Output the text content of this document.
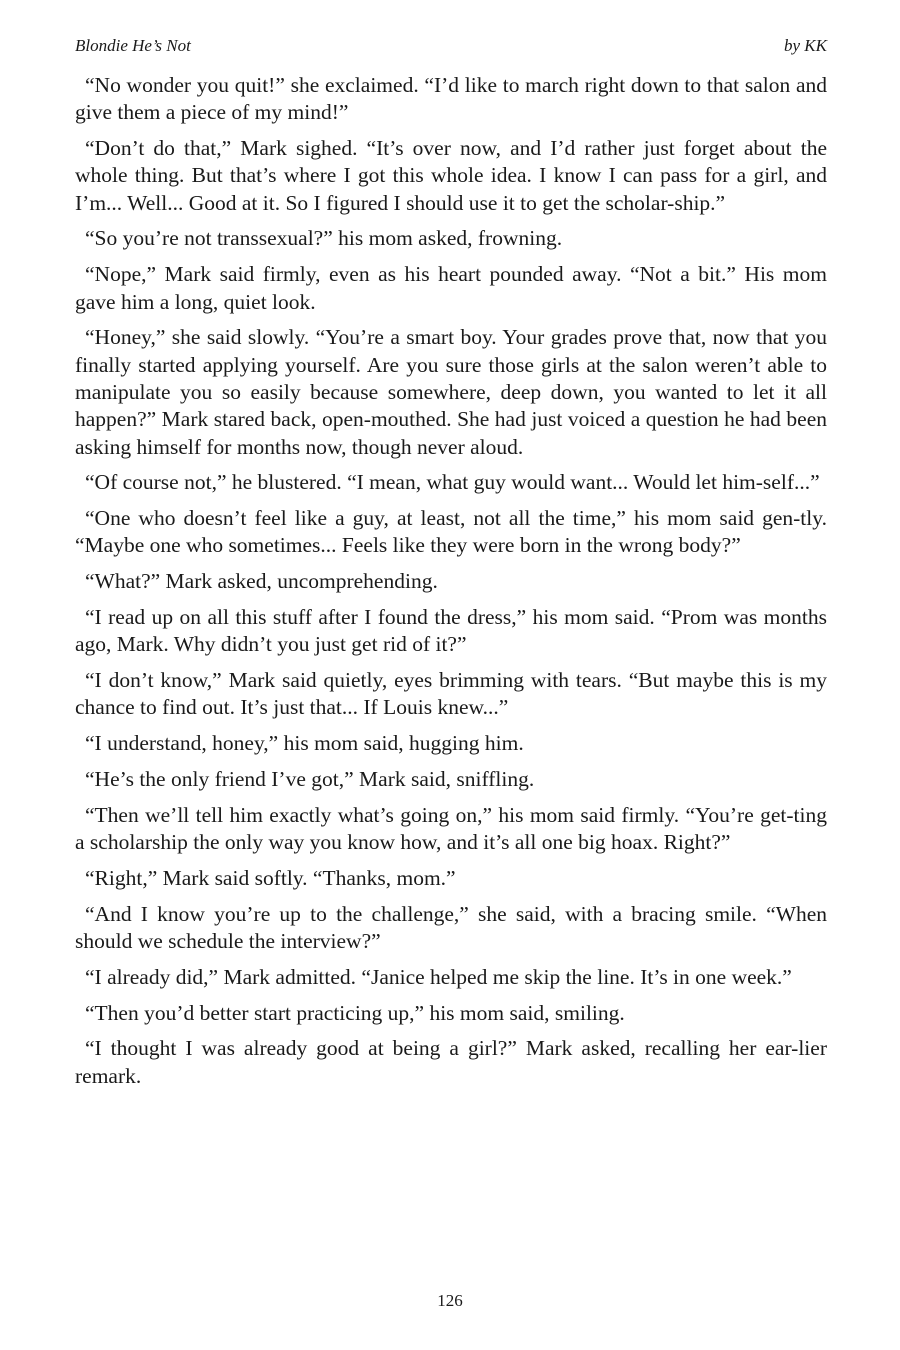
Blondie He’s Not	by KK

“No wonder you quit!” she exclaimed. “I’d like to march right down to that salon and give them a piece of my mind!”

“Don’t do that,” Mark sighed. “It’s over now, and I’d rather just forget about the whole thing. But that’s where I got this whole idea. I know I can pass for a girl, and I’m... Well... Good at it. So I figured I should use it to get the scholar-ship.”

“So you’re not transsexual?” his mom asked, frowning.

“Nope,” Mark said firmly, even as his heart pounded away. “Not a bit.” His mom gave him a long, quiet look.

“Honey,” she said slowly. “You’re a smart boy. Your grades prove that, now that you finally started applying yourself. Are you sure those girls at the salon weren’t able to manipulate you so easily because somewhere, deep down, you wanted to let it all happen?” Mark stared back, open-mouthed. She had just voiced a question he had been asking himself for months now, though never aloud.

“Of course not,” he blustered. “I mean, what guy would want... Would let him-self...”

“One who doesn’t feel like a guy, at least, not all the time,” his mom said gen-tly. “Maybe one who sometimes... Feels like they were born in the wrong body?”

“What?” Mark asked, uncomprehending.

“I read up on all this stuff after I found the dress,” his mom said. “Prom was months ago, Mark. Why didn’t you just get rid of it?”

“I don’t know,” Mark said quietly, eyes brimming with tears. “But maybe this is my chance to find out. It’s just that... If Louis knew...”

“I understand, honey,” his mom said, hugging him.

“He’s the only friend I’ve got,” Mark said, sniffling.

“Then we’ll tell him exactly what’s going on,” his mom said firmly. “You’re get-ting a scholarship the only way you know how, and it’s all one big hoax. Right?”

“Right,” Mark said softly. “Thanks, mom.”

“And I know you’re up to the challenge,” she said, with a bracing smile. “When should we schedule the interview?”

“I already did,” Mark admitted. “Janice helped me skip the line. It’s in one week.”

“Then you’d better start practicing up,” his mom said, smiling.

“I thought I was already good at being a girl?” Mark asked, recalling her ear-lier remark.

126
